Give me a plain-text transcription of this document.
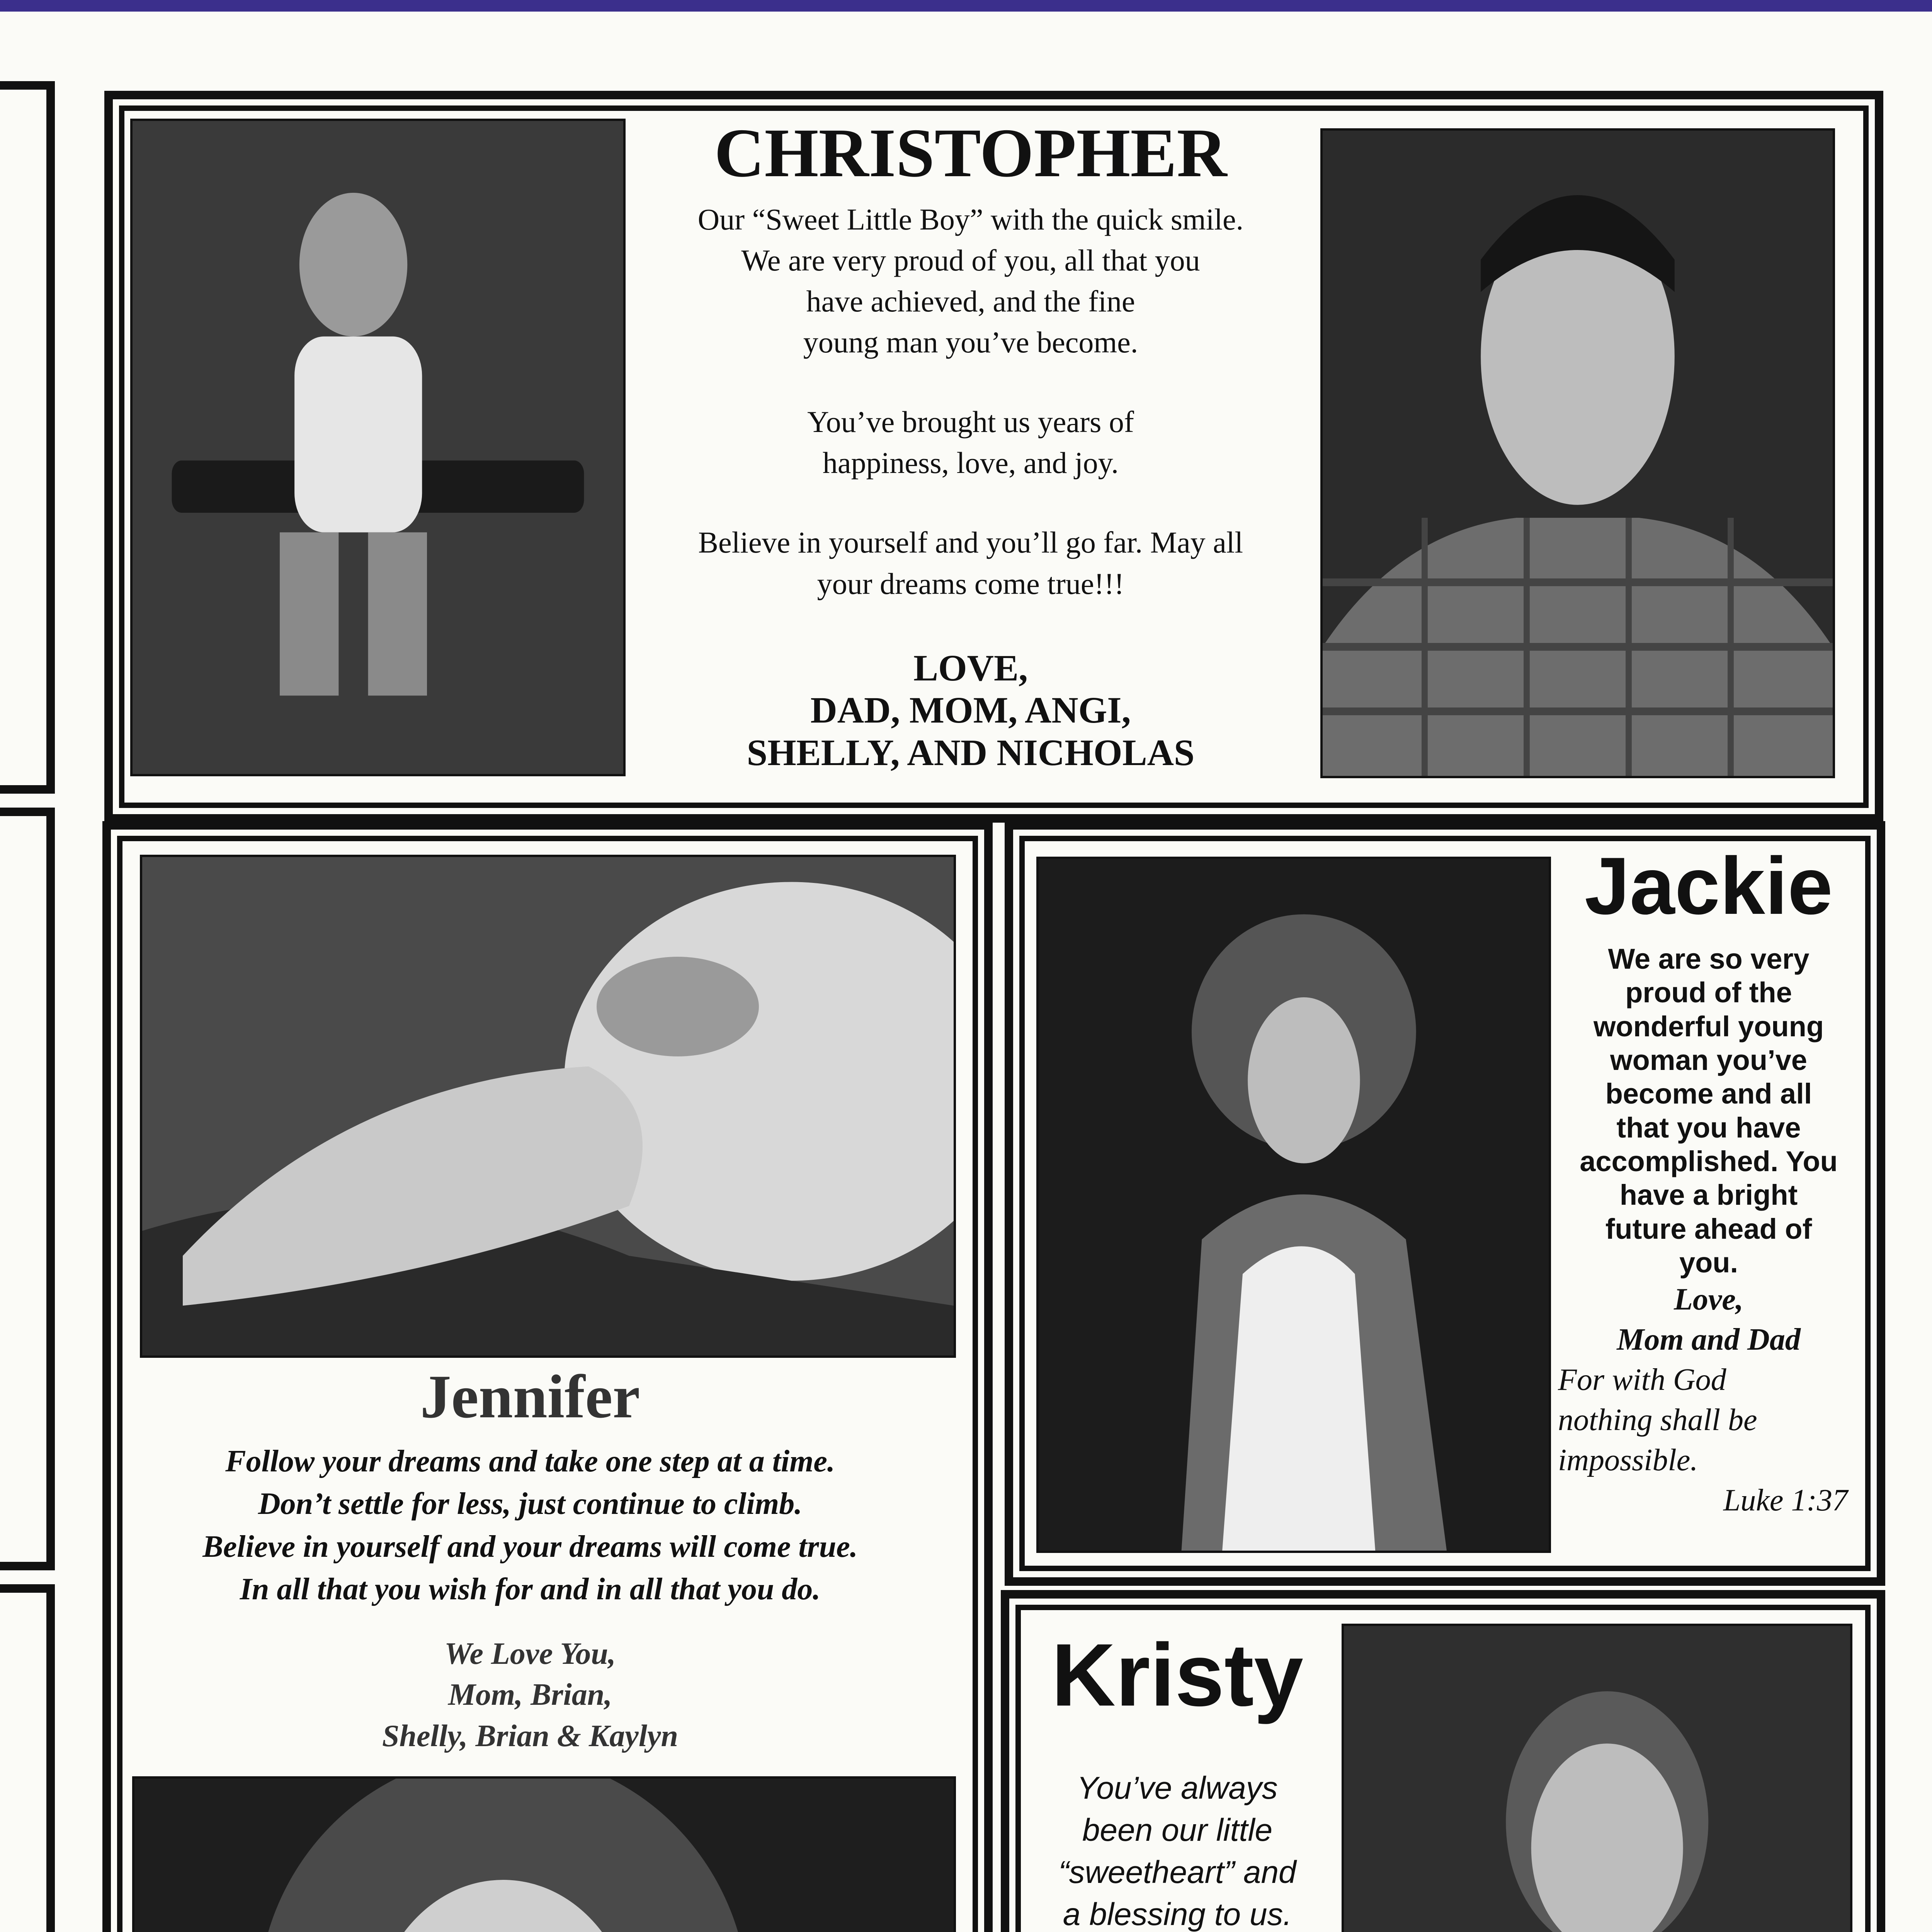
CHRISTOPHER

Our “Sweet Little Boy” with the quick smile.

We are very proud of you, all that you

have achieved, and the fine

young man you’ve become.

You’ve brought us years of

happiness, love, and joy.

Believe in yourself and you’ll go far. May all

your dreams come true!!!

LOVE,

DAD, MOM, ANGI,

SHELLY, AND NICHOLAS

Jennifer

Follow your dreams and take one step at a time.

Don’t settle for less, just continue to climb.

Believe in yourself and your dreams will come true.

In all that you wish for and in all that you do.

We Love You,

Mom, Brian,

Shelly, Brian & Kaylyn

Jackie

We are so very

proud of the

wonderful young

woman you’ve

become and all

that you have

accomplished. You

have a bright

future ahead of

you.

Love,

Mom and Dad

For with God

nothing shall be

impossible.

Luke 1:37

Kristy

You’ve always

been our little

“sweetheart” and

a blessing to us.
